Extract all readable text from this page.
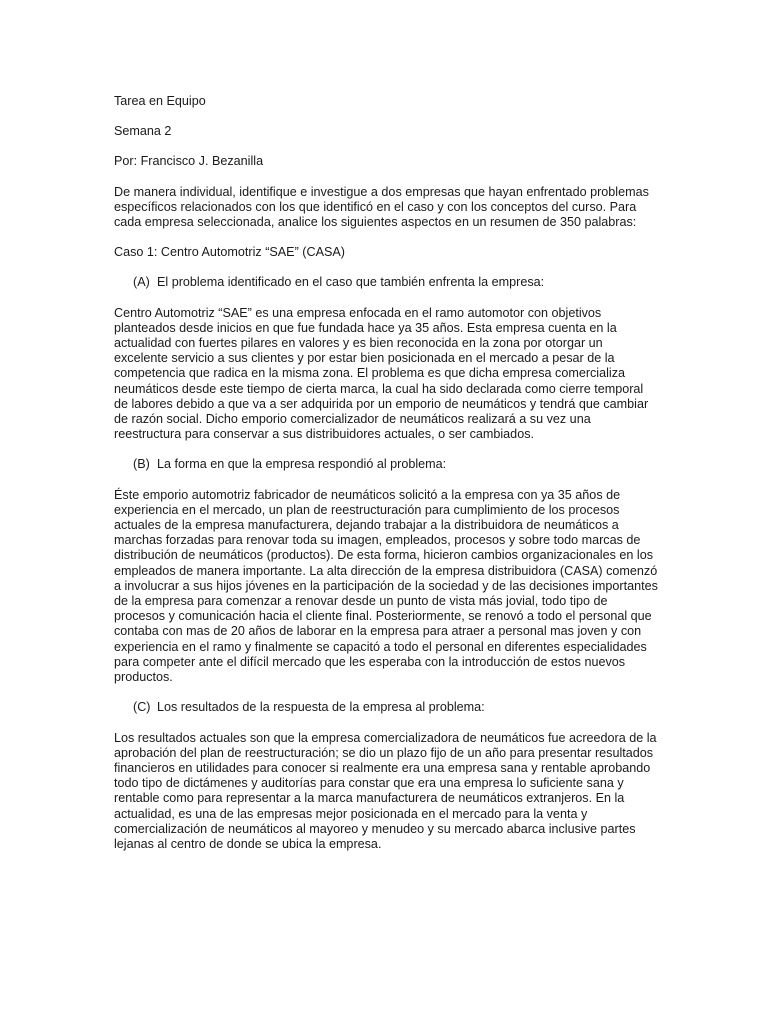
Tarea en Equipo

Semana 2

Por: Francisco J. Bezanilla

De manera individual, identifique e investigue a dos empresas que hayan enfrentado problemas
específicos relacionados con los que identificó en el caso y con los conceptos del curso. Para
cada empresa seleccionada, analice los siguientes aspectos en un resumen de 350 palabras:

Caso 1: Centro Automotriz “SAE” (CASA)

(A) El problema identificado en el caso que también enfrenta la empresa:

Centro Automotriz “SAE” es una empresa enfocada en el ramo automotor con objetivos
planteados desde inicios en que fue fundada hace ya 35 años. Esta empresa cuenta en la
actualidad con fuertes pilares en valores y es bien reconocida en la zona por otorgar un
excelente servicio a sus clientes y por estar bien posicionada en el mercado a pesar de la
competencia que radica en la misma zona. El problema es que dicha empresa comercializa
neumáticos desde este tiempo de cierta marca, la cual ha sido declarada como cierre temporal
de labores debido a que va a ser adquirida por un emporio de neumáticos y tendrá que cambiar
de razón social. Dicho emporio comercializador de neumáticos realizará a su vez una
reestructura para conservar a sus distribuidores actuales, o ser cambiados.

(B) La forma en que la empresa respondió al problema:

Éste emporio automotriz fabricador de neumáticos solicitó a la empresa con ya 35 años de
experiencia en el mercado, un plan de reestructuración para cumplimiento de los procesos
actuales de la empresa manufacturera, dejando trabajar a la distribuidora de neumáticos a
marchas forzadas para renovar toda su imagen, empleados, procesos y sobre todo marcas de
distribución de neumáticos (productos). De esta forma, hicieron cambios organizacionales en los
empleados de manera importante. La alta dirección de la empresa distribuidora (CASA) comenzó
a involucrar a sus hijos jóvenes en la participación de la sociedad y de las decisiones importantes
de la empresa para comenzar a renovar desde un punto de vista más jovial, todo tipo de
procesos y comunicación hacia el cliente final. Posteriormente, se renovó a todo el personal que
contaba con mas de 20 años de laborar en la empresa para atraer a personal mas joven y con
experiencia en el ramo y finalmente se capacitó a todo el personal en diferentes especialidades
para competer ante el difícil mercado que les esperaba con la introducción de estos nuevos
productos.

(C) Los resultados de la respuesta de la empresa al problema:

Los resultados actuales son que la empresa comercializadora de neumáticos fue acreedora de la
aprobación del plan de reestructuración; se dio un plazo fijo de un año para presentar resultados
financieros en utilidades para conocer si realmente era una empresa sana y rentable aprobando
todo tipo de dictámenes y auditorías para constar que era una empresa lo suficiente sana y
rentable como para representar a la marca manufacturera de neumáticos extranjeros. En la
actualidad, es una de las empresas mejor posicionada en el mercado para la venta y
comercialización de neumáticos al mayoreo y menudeo y su mercado abarca inclusive partes
lejanas al centro de donde se ubica la empresa.
